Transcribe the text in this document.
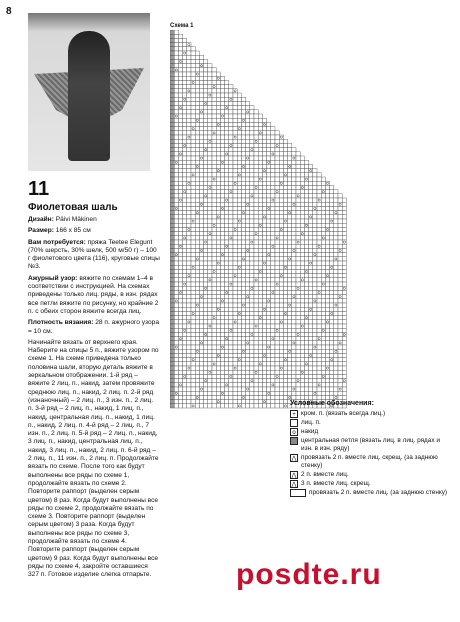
8
11
Фиолетовая шаль

Дизайн: Päivi Mäkinen

Размер: 166 x 85 см

Вам потребуется: пряжа Teetee Elegunt (70% шерсть, 30% шелк, 500 м/50 г) – 100 г фиолетового цвета (116), круговые спицы №3.

Ажурный узор: вяжите по схемам 1–4 в соответствии с инструкцией. На схемах приведены только лиц. ряды, в изн. рядах все петли вяжите по рисунку, но крайние 2 п. с обеих сторон вяжите всегда лиц.

Плотность вязания: 28 п. ажурного узора = 10 см.

Начинайте вязать от верхнего края. Наберите на спицы 5 п., вяжите узором по схеме 1. На схеме приведена только половина шали, вторую деталь вяжите в зеркальном отображении. 1-й ряд – вяжите 2 лиц. п., накид, затем провяжите среднюю лиц. п., накид, 2 лиц. п. 2-й ряд (изнаночный) – 2 лиц. п., 3 изн. п., 2 лиц. п. 3-й ряд – 2 лиц. п., накид, 1 лиц. п., накид, центральная лиц. п., накид, 1 лиц. п., накид, 2 лиц. п. 4-й ряд – 2 лиц. п., 7 изн. п., 2 лиц. п. 5-й ряд – 2 лиц. п., накид, 3 лиц. п., накид, центральная лиц. п., накид, 3 лиц. п., накид, 2 лиц. п. 6-й ряд – 2 лиц. п., 11 изн. п., 2 лиц. п. Продолжайте вязать по схеме. После того как будут выполнены все ряды по схеме 1, продолжайте вязать по схеме 2. Повторите раппорт (выделен серым цветом) 8 раз. Когда будут выполнены все ряды по схеме 2, продолжайте вязать по схеме 3. Повторите раппорт (выделен серым цветом) 3 раза. Когда будут выполнены все ряды по схеме 3, продолжайте вязать по схеме 4. Повторите раппорт (выделен серым цветом) 9 раз. Когда будут выполнены все ряды по схеме 4, закройте оставшиеся 327 п. Готовое изделие слегка отпарьте.

Схема 1
Условные обозначения:
+ кром. п. (вязать всегда лиц.)
лиц. п.
o накид
центральная петля (вязать лиц. в лиц. рядах и изн. в изн. ряду)
⋀ провязать 2 п. вместе лиц. скрещ. (за заднюю стенку)
⋀ 2 п. вместе лиц.
⋀ 3 п. вместе лиц. скрещ.
провязать 2 п. вместе лиц. (за заднюю стенку)
posdte.ru
